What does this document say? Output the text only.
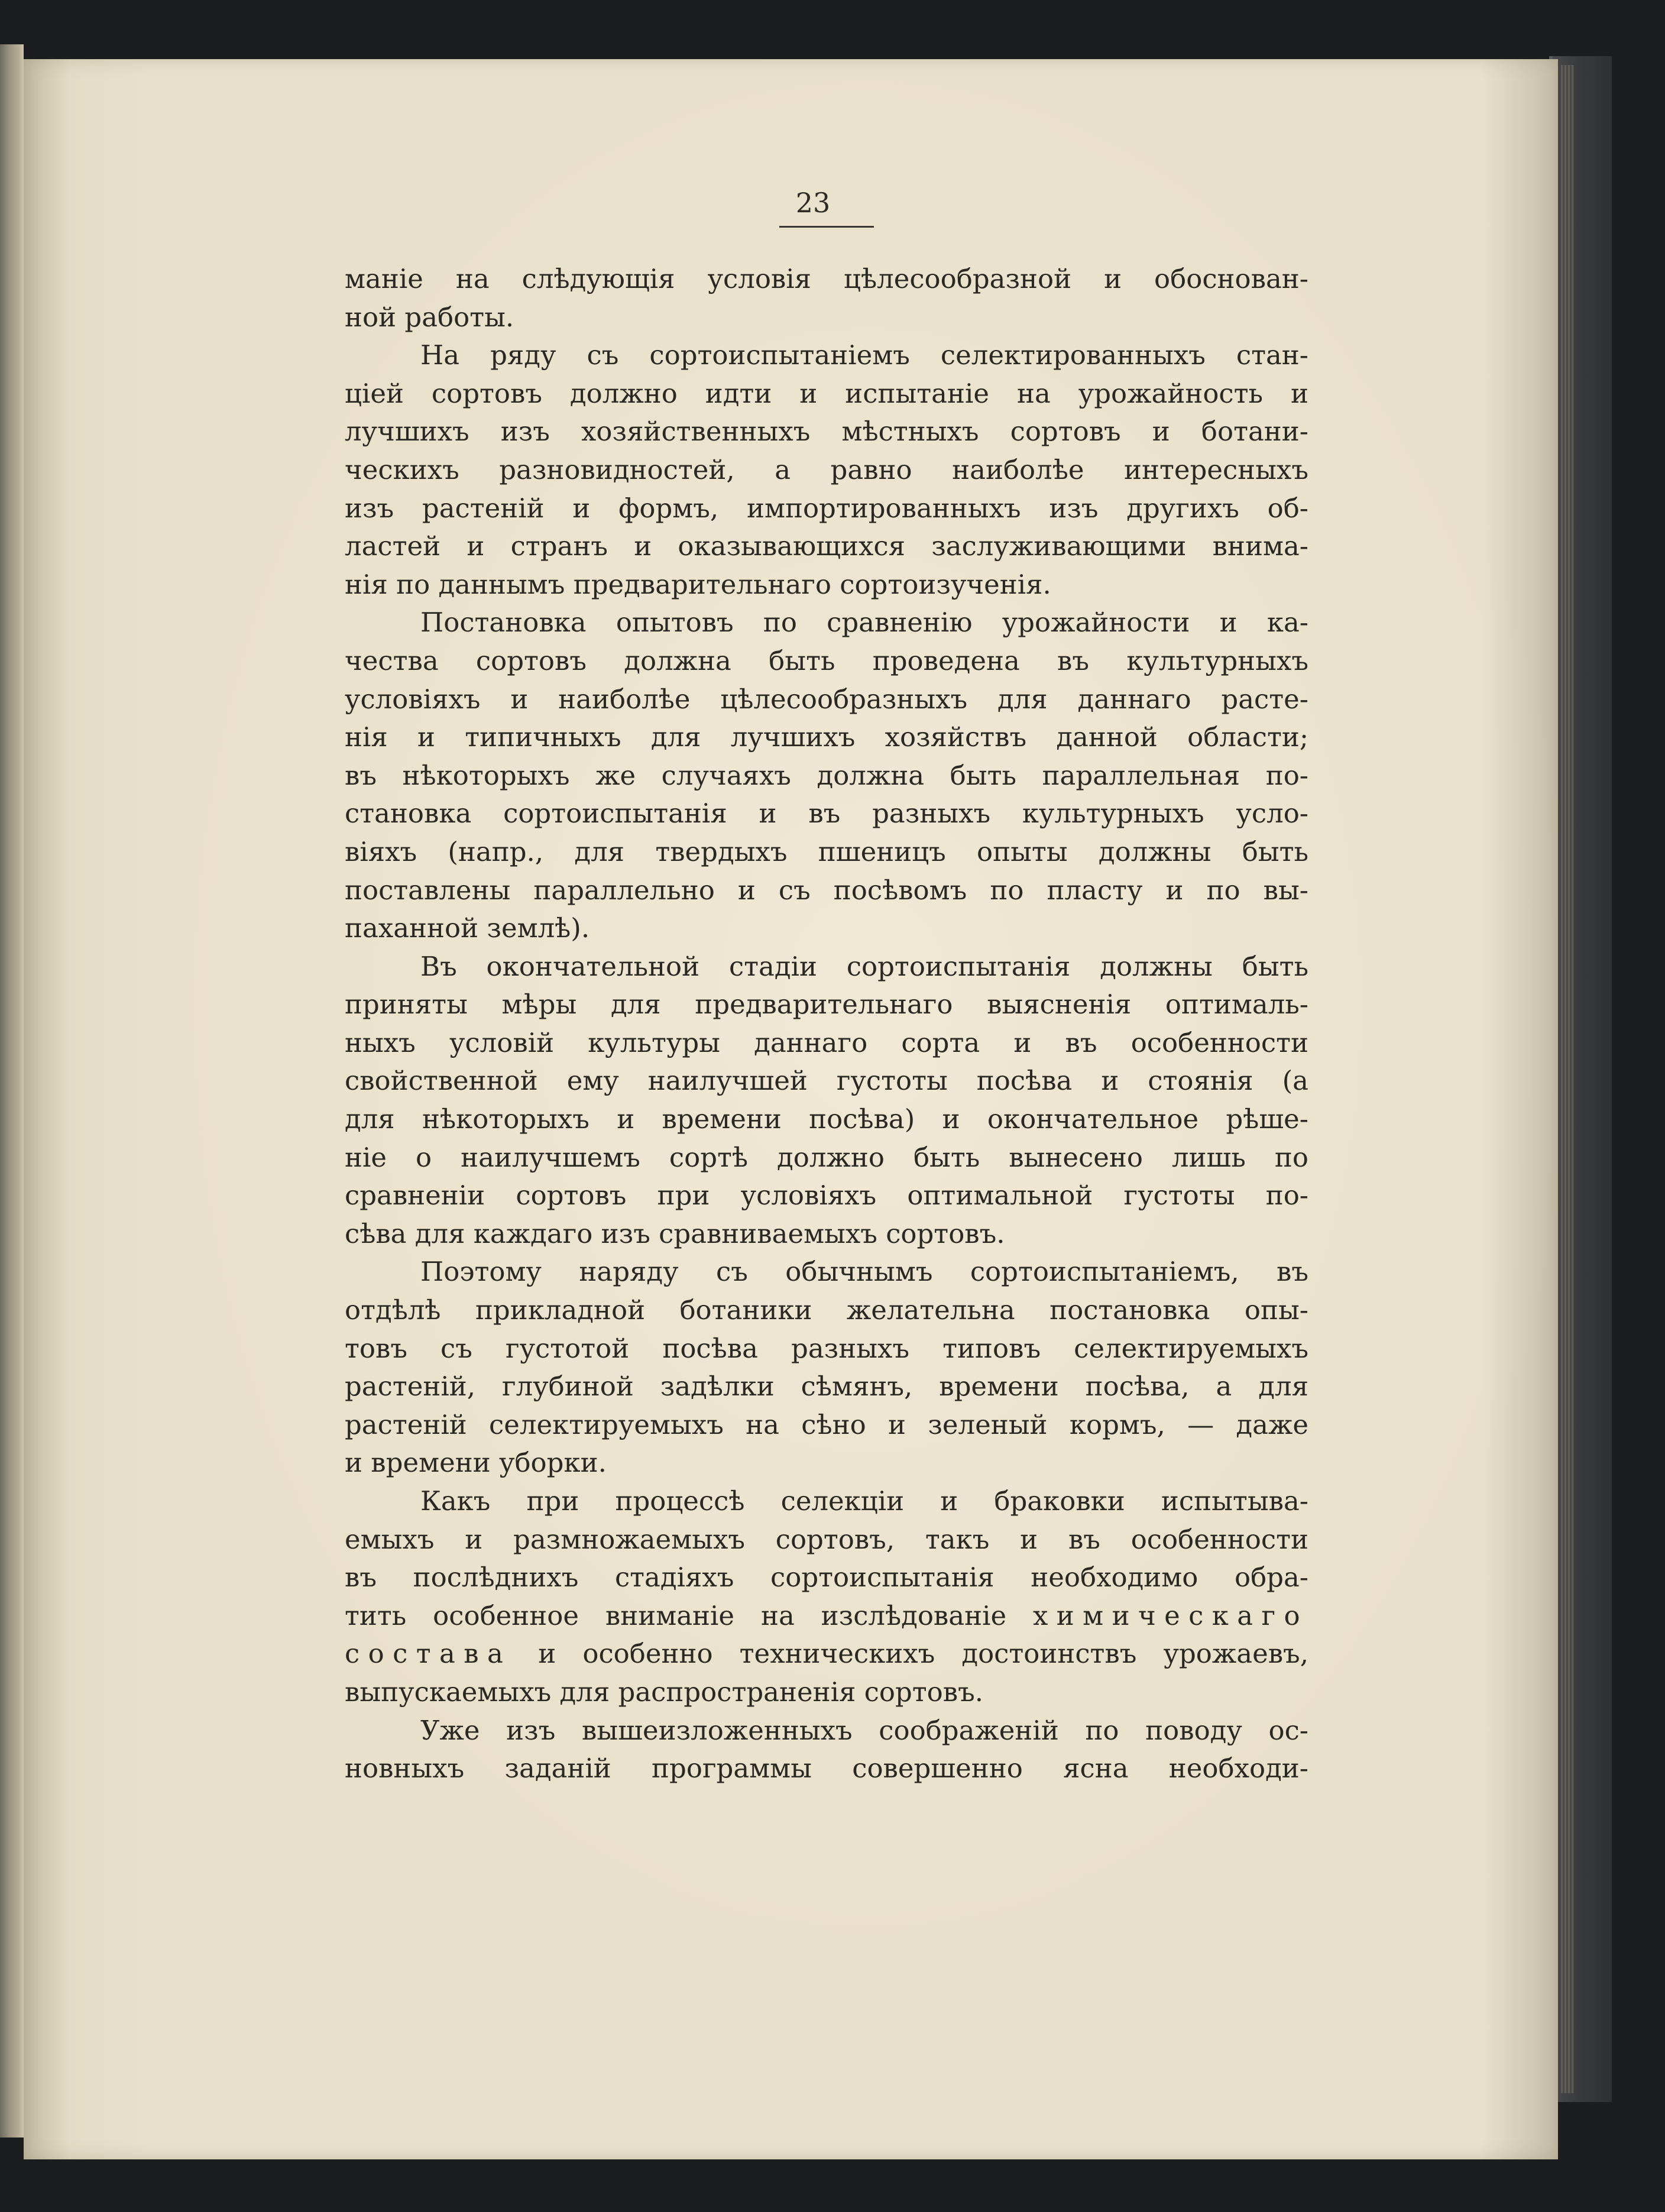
23
маніе на слѣдующія условія цѣлесообразной и обоснован-
ной работы.
На ряду съ сортоиспытаніемъ селектированныхъ стан-
ціей сортовъ должно идти и испытаніе на урожайность и
лучшихъ изъ хозяйственныхъ мѣстныхъ сортовъ и ботани-
ческихъ разновидностей, а равно наиболѣе интересныхъ
изъ растеній и формъ, импортированныхъ изъ другихъ об-
ластей и странъ и оказывающихся заслуживающими внима-
нія по даннымъ предварительнаго сортоизученія.
Постановка опытовъ по сравненію урожайности и ка-
чества сортовъ должна быть проведена въ культурныхъ
условіяхъ и наиболѣе цѣлесообразныхъ для даннаго расте-
нія и типичныхъ для лучшихъ хозяйствъ данной области;
въ нѣкоторыхъ же случаяхъ должна быть параллельная по-
становка сортоиспытанія и въ разныхъ культурныхъ усло-
віяхъ (напр., для твердыхъ пшеницъ опыты должны быть
поставлены параллельно и съ посѣвомъ по пласту и по вы-
паханной землѣ).
Въ окончательной стадіи сортоиспытанія должны быть
приняты мѣры для предварительнаго выясненія оптималь-
ныхъ условій культуры даннаго сорта и въ особенности
свойственной ему наилучшей густоты посѣва и стоянія (а
для нѣкоторыхъ и времени посѣва) и окончательное рѣше-
ніе о наилучшемъ сортѣ должно быть вынесено лишь по
сравненіи сортовъ при условіяхъ оптимальной густоты по-
сѣва для каждаго изъ сравниваемыхъ сортовъ.
Поэтому наряду съ обычнымъ сортоиспытаніемъ, въ
отдѣлѣ прикладной ботаники желательна постановка опы-
товъ съ густотой посѣва разныхъ типовъ селектируемыхъ
растеній, глубиной задѣлки сѣмянъ, времени посѣва, а для
растеній селектируемыхъ на сѣно и зеленый кормъ, — даже
и времени уборки.
Какъ при процессѣ селекціи и браковки испытыва-
емыхъ и размножаемыхъ сортовъ, такъ и въ особенности
въ послѣднихъ стадіяхъ сортоиспытанія необходимо обра-
тить особенное вниманіе на изслѣдованіе химическаго
состава и особенно техническихъ достоинствъ урожаевъ,
выпускаемыхъ для распространенія сортовъ.
Уже изъ вышеизложенныхъ соображеній по поводу ос-
новныхъ заданій программы совершенно ясна необходи-
